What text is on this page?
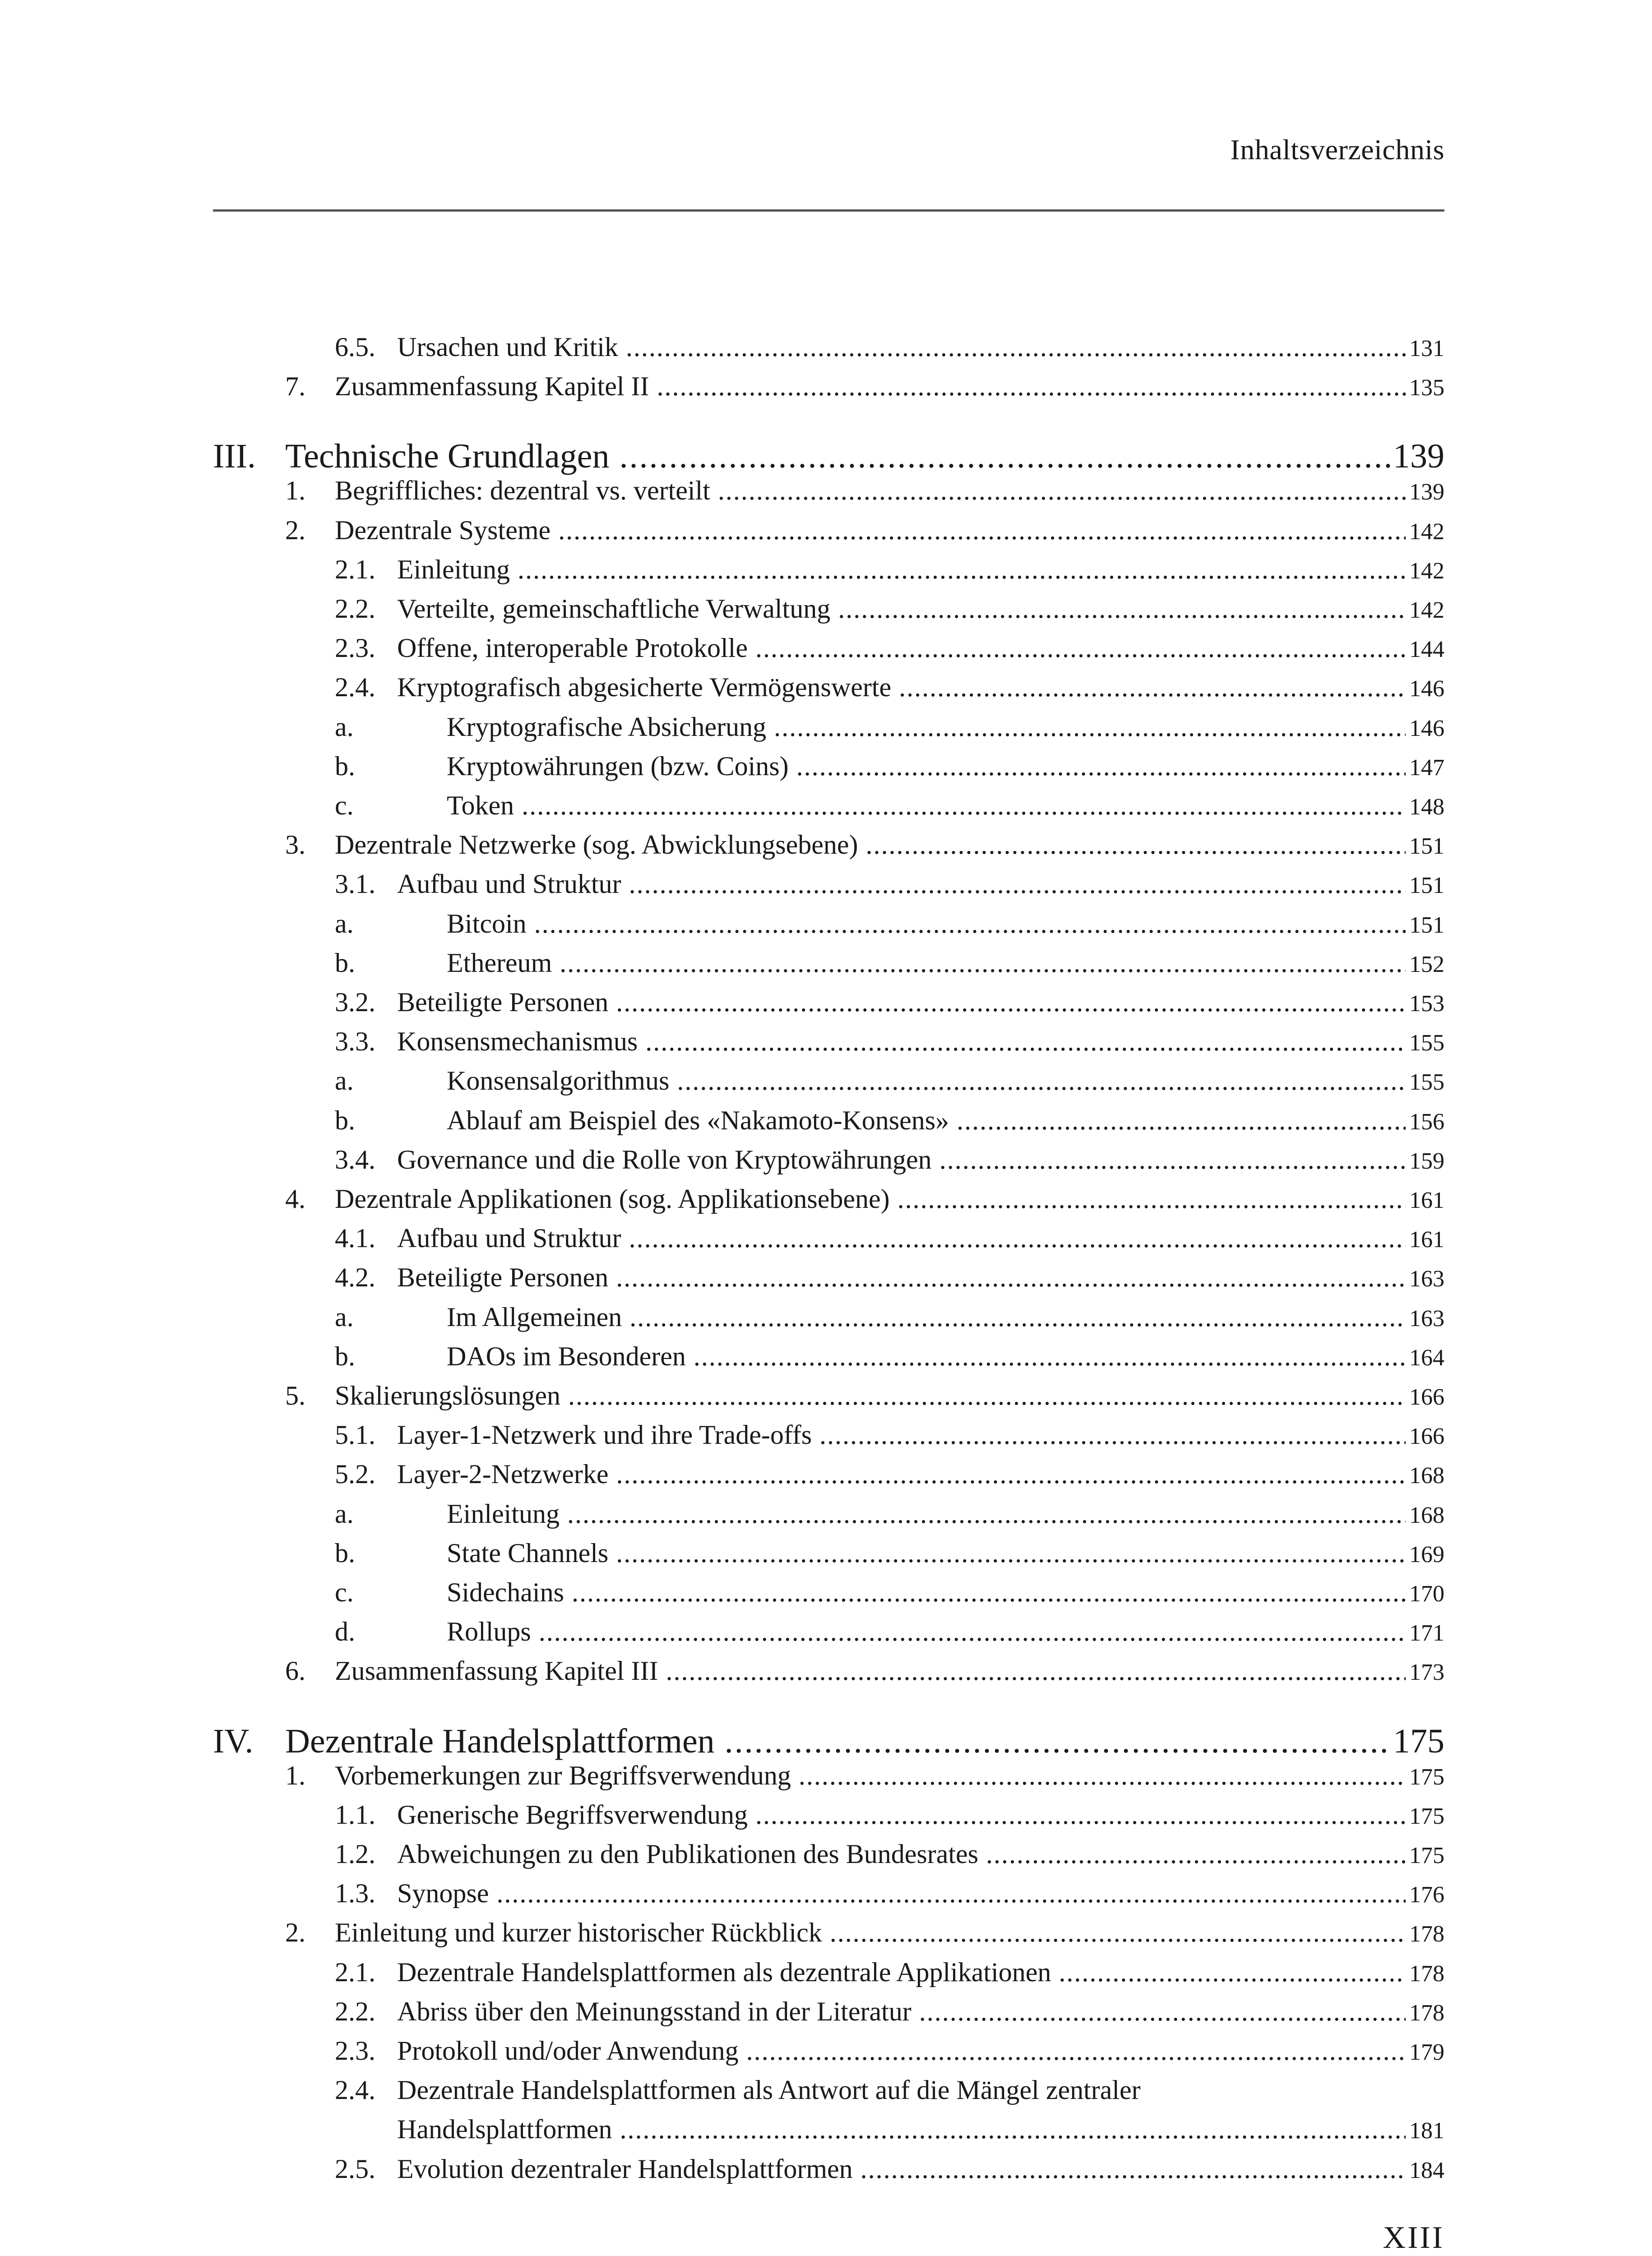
Inhaltsverzeichnis
6.5. Ursachen und Kritik .....	131
7. Zusammenfassung Kapitel II .....	135
III. Technische Grundlagen .....	139
1. Begriffliches: dezentral vs. verteilt .....	139
2. Dezentrale Systeme .....	142
2.1. Einleitung .....	142
2.2. Verteilte, gemeinschaftliche Verwaltung .....	142
2.3. Offene, interoperable Protokolle .....	144
2.4. Kryptografisch abgesicherte Vermögenswerte .....	146
a.	Kryptografische Absicherung .....	146
b.	Kryptowährungen (bzw. Coins) .....	147
c.	Token .....	148
3. Dezentrale Netzwerke (sog. Abwicklungsebene) .....	151
3.1. Aufbau und Struktur .....	151
a.	Bitcoin .....	151
b.	Ethereum .....	152
3.2. Beteiligte Personen .....	153
3.3. Konsensmechanismus .....	155
a.	Konsensalgorithmus .....	155
b.	Ablauf am Beispiel des «Nakamoto-Konsens» .....	156
3.4. Governance und die Rolle von Kryptowährungen .....	159
4. Dezentrale Applikationen (sog. Applikationsebene) .....	161
4.1. Aufbau und Struktur .....	161
4.2. Beteiligte Personen .....	163
a.	Im Allgemeinen .....	163
b.	DAOs im Besonderen .....	164
5. Skalierungslösungen .....	166
5.1. Layer-1-Netzwerk und ihre Trade-offs .....	166
5.2. Layer-2-Netzwerke .....	168
a.	Einleitung .....	168
b.	State Channels .....	169
c.	Sidechains .....	170
d.	Rollups .....	171
6. Zusammenfassung Kapitel III .....	173
IV. Dezentrale Handelsplattformen .....	175
1. Vorbemerkungen zur Begriffsverwendung .....	175
1.1. Generische Begriffsverwendung .....	175
1.2. Abweichungen zu den Publikationen des Bundesrates .....	175
1.3. Synopse .....	176
2. Einleitung und kurzer historischer Rückblick .....	178
2.1. Dezentrale Handelsplattformen als dezentrale Applikationen .....	178
2.2. Abriss über den Meinungsstand in der Literatur .....	178
2.3. Protokoll und/oder Anwendung .....	179
2.4. Dezentrale Handelsplattformen als Antwort auf die Mängel zentraler
Handelsplattformen .....	181
2.5. Evolution dezentraler Handelsplattformen .....	184
XIII
